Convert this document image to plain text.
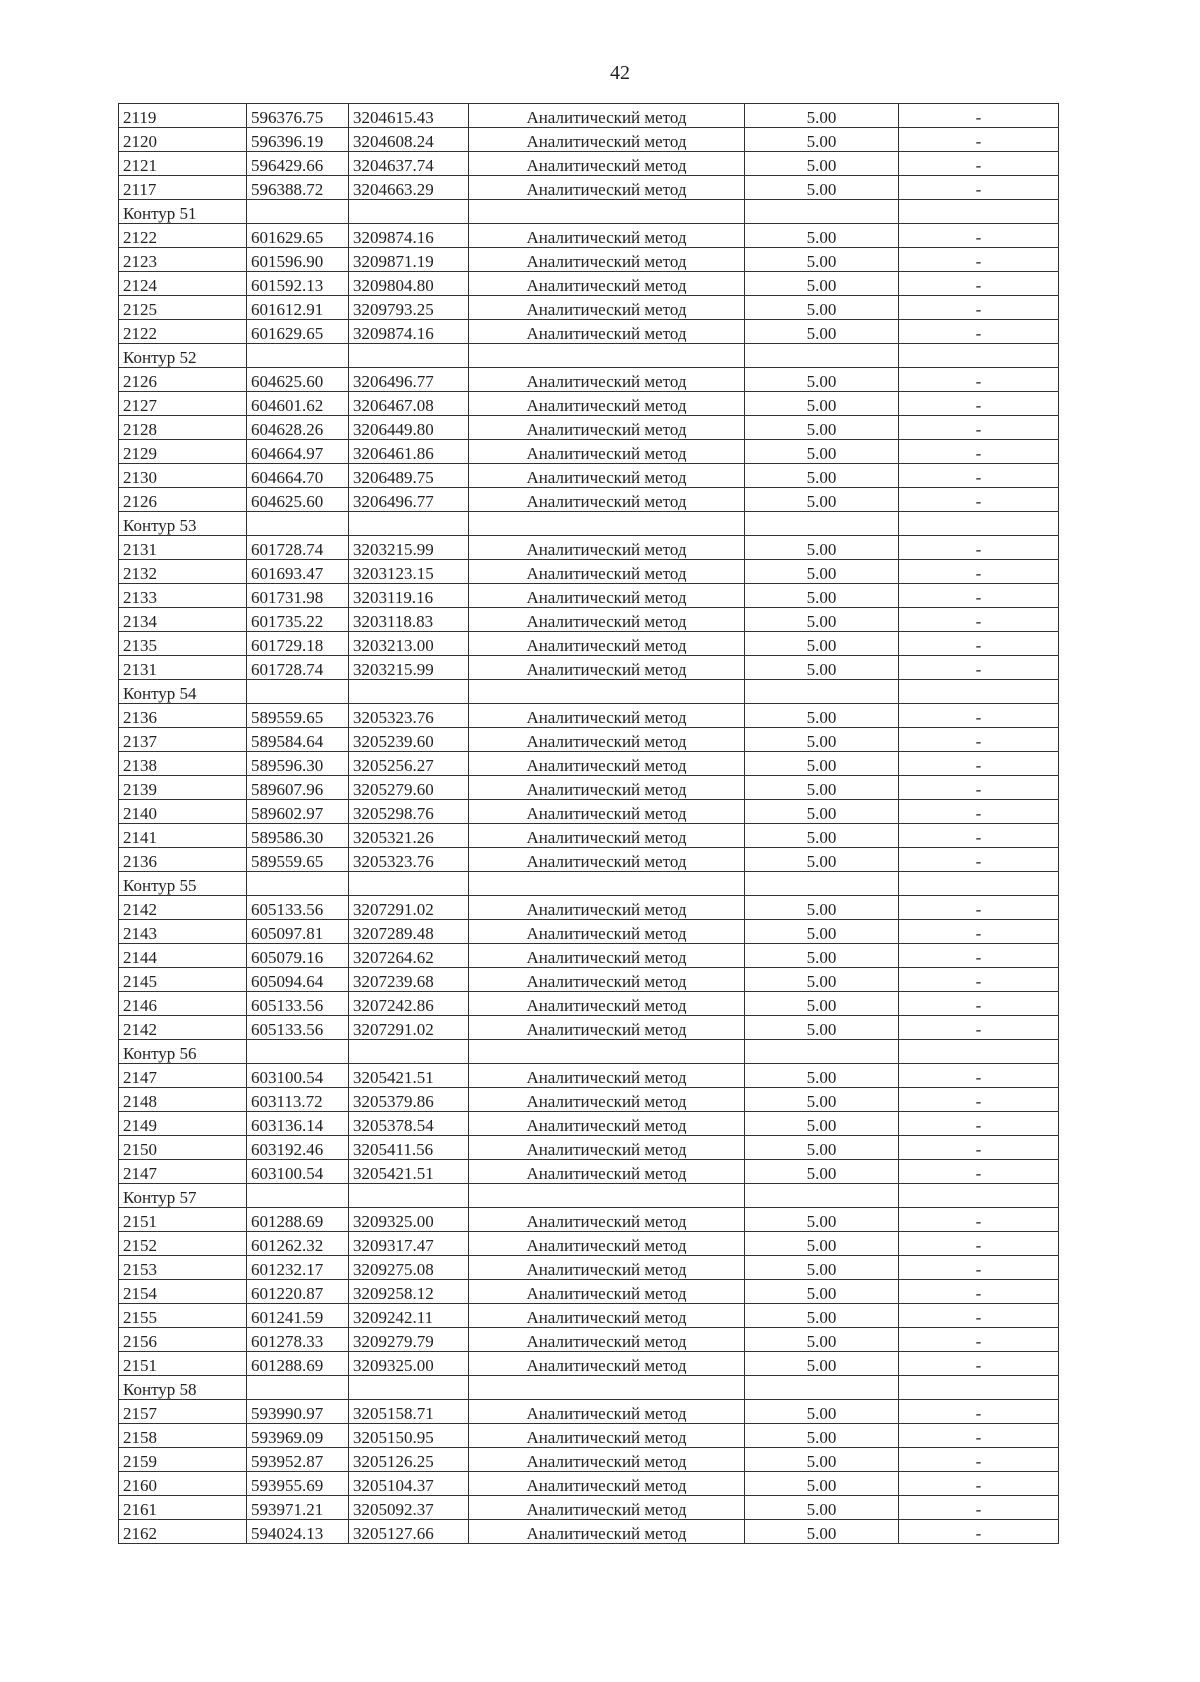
42
2119	596376.75	3204615.43	Аналитический метод	5.00	-
2120	596396.19	3204608.24	Аналитический метод	5.00	-
2121	596429.66	3204637.74	Аналитический метод	5.00	-
2117	596388.72	3204663.29	Аналитический метод	5.00	-
Контур 51					
2122	601629.65	3209874.16	Аналитический метод	5.00	-
2123	601596.90	3209871.19	Аналитический метод	5.00	-
2124	601592.13	3209804.80	Аналитический метод	5.00	-
2125	601612.91	3209793.25	Аналитический метод	5.00	-
2122	601629.65	3209874.16	Аналитический метод	5.00	-
Контур 52					
2126	604625.60	3206496.77	Аналитический метод	5.00	-
2127	604601.62	3206467.08	Аналитический метод	5.00	-
2128	604628.26	3206449.80	Аналитический метод	5.00	-
2129	604664.97	3206461.86	Аналитический метод	5.00	-
2130	604664.70	3206489.75	Аналитический метод	5.00	-
2126	604625.60	3206496.77	Аналитический метод	5.00	-
Контур 53					
2131	601728.74	3203215.99	Аналитический метод	5.00	-
2132	601693.47	3203123.15	Аналитический метод	5.00	-
2133	601731.98	3203119.16	Аналитический метод	5.00	-
2134	601735.22	3203118.83	Аналитический метод	5.00	-
2135	601729.18	3203213.00	Аналитический метод	5.00	-
2131	601728.74	3203215.99	Аналитический метод	5.00	-
Контур 54					
2136	589559.65	3205323.76	Аналитический метод	5.00	-
2137	589584.64	3205239.60	Аналитический метод	5.00	-
2138	589596.30	3205256.27	Аналитический метод	5.00	-
2139	589607.96	3205279.60	Аналитический метод	5.00	-
2140	589602.97	3205298.76	Аналитический метод	5.00	-
2141	589586.30	3205321.26	Аналитический метод	5.00	-
2136	589559.65	3205323.76	Аналитический метод	5.00	-
Контур 55					
2142	605133.56	3207291.02	Аналитический метод	5.00	-
2143	605097.81	3207289.48	Аналитический метод	5.00	-
2144	605079.16	3207264.62	Аналитический метод	5.00	-
2145	605094.64	3207239.68	Аналитический метод	5.00	-
2146	605133.56	3207242.86	Аналитический метод	5.00	-
2142	605133.56	3207291.02	Аналитический метод	5.00	-
Контур 56					
2147	603100.54	3205421.51	Аналитический метод	5.00	-
2148	603113.72	3205379.86	Аналитический метод	5.00	-
2149	603136.14	3205378.54	Аналитический метод	5.00	-
2150	603192.46	3205411.56	Аналитический метод	5.00	-
2147	603100.54	3205421.51	Аналитический метод	5.00	-
Контур 57					
2151	601288.69	3209325.00	Аналитический метод	5.00	-
2152	601262.32	3209317.47	Аналитический метод	5.00	-
2153	601232.17	3209275.08	Аналитический метод	5.00	-
2154	601220.87	3209258.12	Аналитический метод	5.00	-
2155	601241.59	3209242.11	Аналитический метод	5.00	-
2156	601278.33	3209279.79	Аналитический метод	5.00	-
2151	601288.69	3209325.00	Аналитический метод	5.00	-
Контур 58					
2157	593990.97	3205158.71	Аналитический метод	5.00	-
2158	593969.09	3205150.95	Аналитический метод	5.00	-
2159	593952.87	3205126.25	Аналитический метод	5.00	-
2160	593955.69	3205104.37	Аналитический метод	5.00	-
2161	593971.21	3205092.37	Аналитический метод	5.00	-
2162	594024.13	3205127.66	Аналитический метод	5.00	-
